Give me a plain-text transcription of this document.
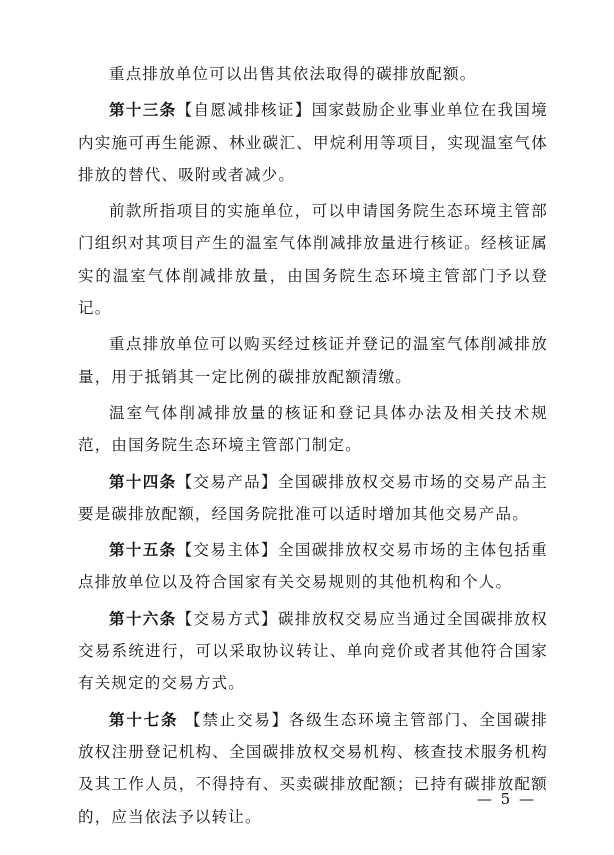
重点排放单位可以出售其依法取得的碳排放配额。

第十三条【自愿减排核证】国家鼓励企业事业单位在我国境内实施可再生能源、林业碳汇、甲烷利用等项目，实现温室气体排放的替代、吸附或者减少。

前款所指项目的实施单位，可以申请国务院生态环境主管部门组织对其项目产生的温室气体削减排放量进行核证。经核证属实的温室气体削减排放量，由国务院生态环境主管部门予以登记。

重点排放单位可以购买经过核证并登记的温室气体削减排放量，用于抵销其一定比例的碳排放配额清缴。

温室气体削减排放量的核证和登记具体办法及相关技术规范，由国务院生态环境主管部门制定。

第十四条【交易产品】全国碳排放权交易市场的交易产品主要是碳排放配额，经国务院批准可以适时增加其他交易产品。

第十五条【交易主体】全国碳排放权交易市场的主体包括重点排放单位以及符合国家有关交易规则的其他机构和个人。

第十六条【交易方式】碳排放权交易应当通过全国碳排放权交易系统进行，可以采取协议转让、单向竞价或者其他符合国家有关规定的交易方式。

第十七条 【禁止交易】各级生态环境主管部门、全国碳排放权注册登记机构、全国碳排放权交易机构、核查技术服务机构及其工作人员，不得持有、买卖碳排放配额；已持有碳排放配额的，应当依法予以转让。

— 5 —
